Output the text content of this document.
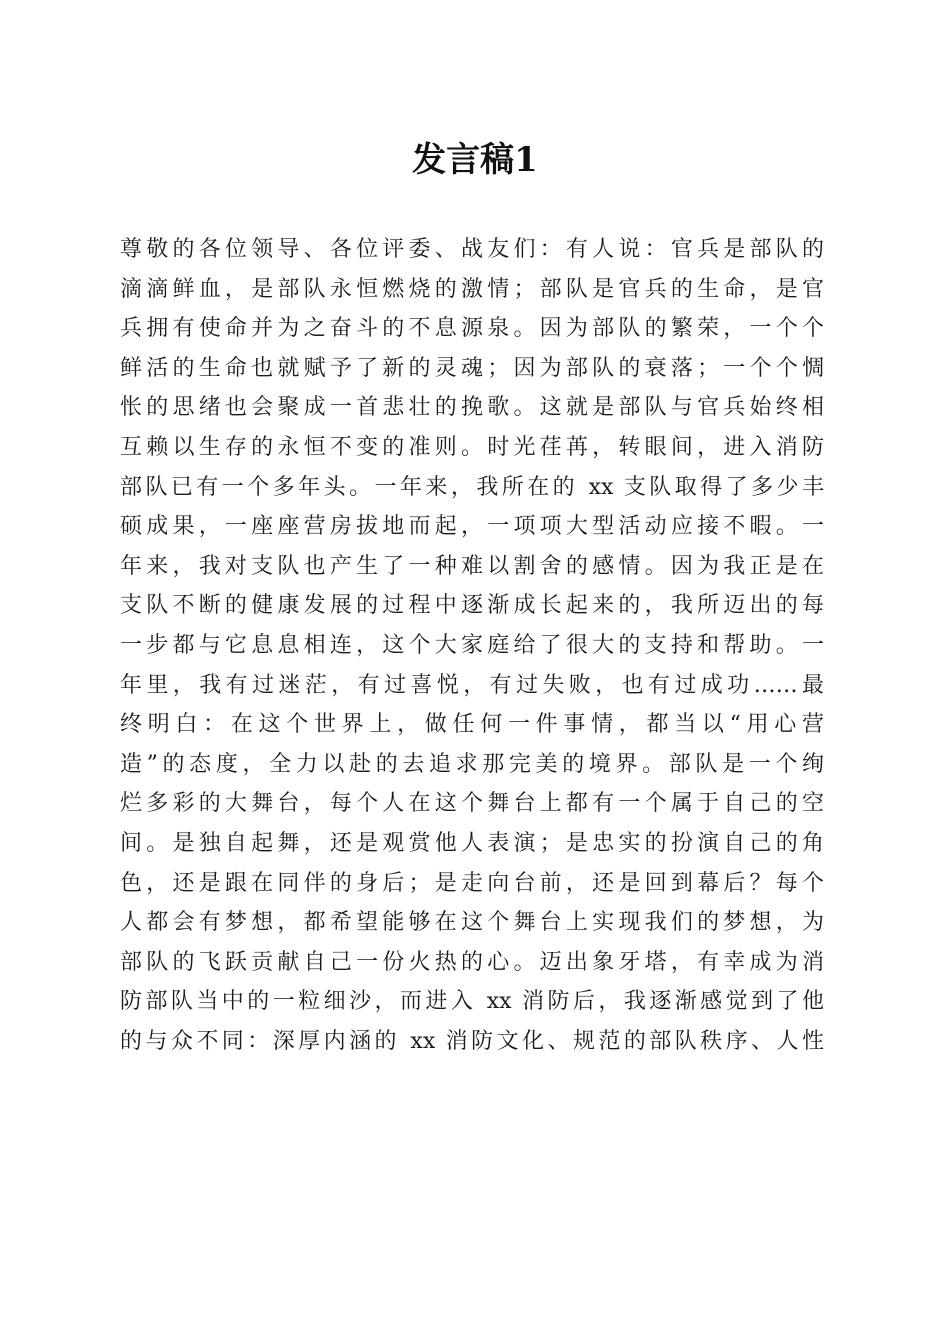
发言稿1
尊敬的各位领导、各位评委、战友们：有人说：官兵是部队的
滴滴鲜血，是部队永恒燃烧的激情；部队是官兵的生命，是官
兵拥有使命并为之奋斗的不息源泉。因为部队的繁荣，一个个
鲜活的生命也就赋予了新的灵魂；因为部队的衰落；一个个惆
怅的思绪也会聚成一首悲壮的挽歌。这就是部队与官兵始终相
互赖以生存的永恒不变的准则。时光荏苒，转眼间，进入消防
部队已有一个多年头。一年来，我所在的 xx 支队取得了多少丰
硕成果，一座座营房拔地而起，一项项大型活动应接不暇。一
年来，我对支队也产生了一种难以割舍的感情。因为我正是在
支队不断的健康发展的过程中逐渐成长起来的，我所迈出的每
一步都与它息息相连，这个大家庭给了很大的支持和帮助。一
年里，我有过迷茫，有过喜悦，有过失败，也有过成功……最
终明白：在这个世界上，做任何一件事情，都当以“用心营
造”的态度，全力以赴的去追求那完美的境界。部队是一个绚
烂多彩的大舞台，每个人在这个舞台上都有一个属于自己的空
间。是独自起舞，还是观赏他人表演；是忠实的扮演自己的角
色，还是跟在同伴的身后；是走向台前，还是回到幕后？每个
人都会有梦想，都希望能够在这个舞台上实现我们的梦想，为
部队的飞跃贡献自己一份火热的心。迈出象牙塔，有幸成为消
防部队当中的一粒细沙，而进入 xx 消防后，我逐渐感觉到了他
的与众不同：深厚内涵的 xx 消防文化、规范的部队秩序、人性
